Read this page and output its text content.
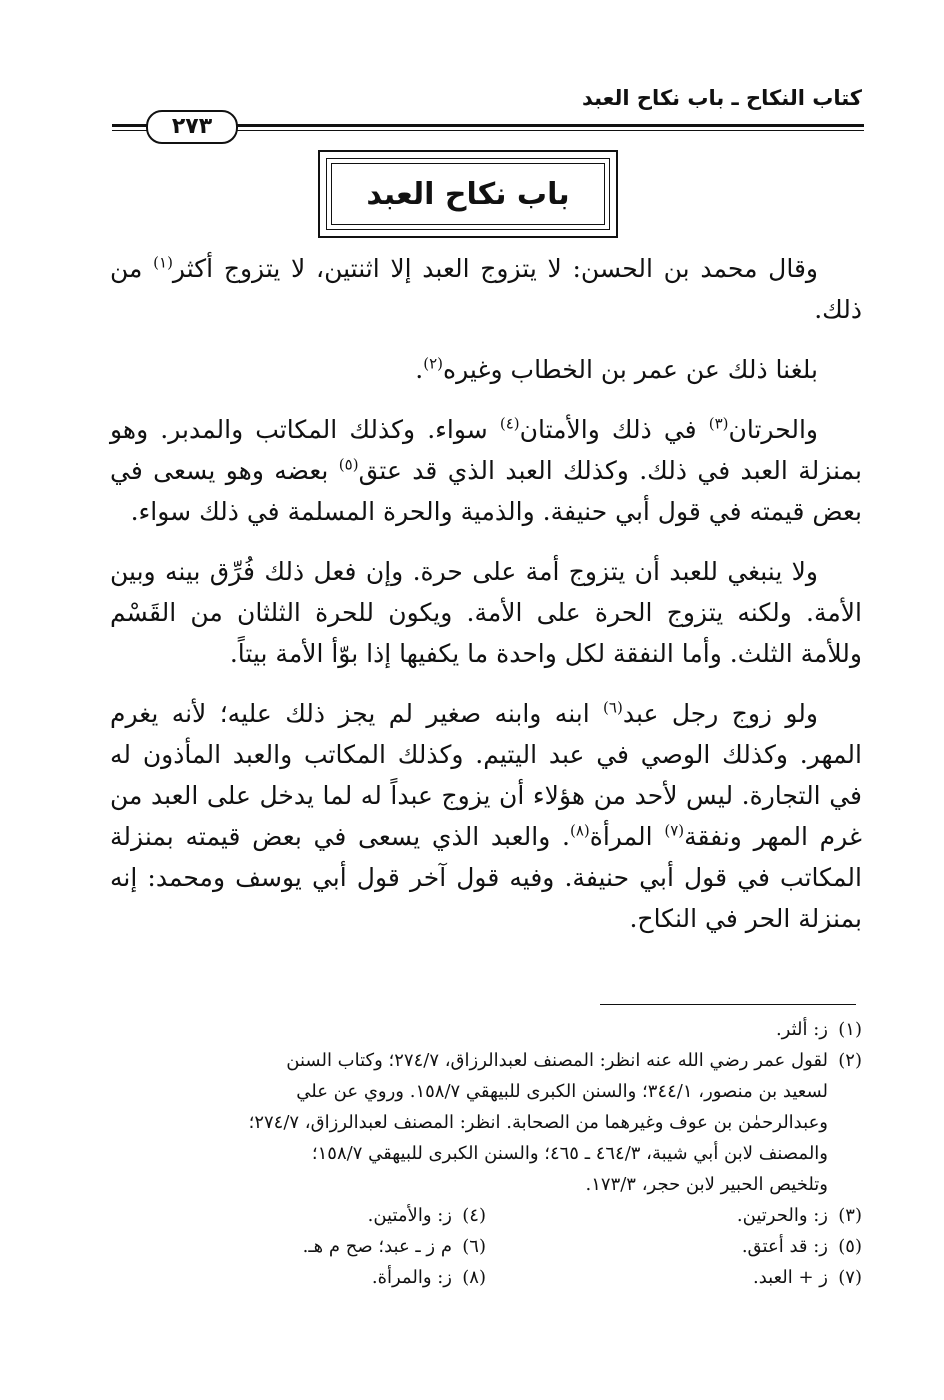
كتاب النكاح ـ باب نكاح العبد
٢٧٣
باب نكاح العبد

وقال محمد بن الحسن: لا يتزوج العبد إلا اثنتين، لا يتزوج أكثر$^{(١)}$ من ذلك.

بلغنا ذلك عن عمر بن الخطاب وغيره$^{(٢)}$.

والحرتان$^{(٣)}$ في ذلك والأمتان$^{(٤)}$ سواء. وكذلك المكاتب والمدبر. وهو بمنزلة العبد في ذلك. وكذلك العبد الذي قد عتق$^{(٥)}$ بعضه وهو يسعى في بعض قيمته في قول أبي حنيفة. والذمية والحرة المسلمة في ذلك سواء.

ولا ينبغي للعبد أن يتزوج أمة على حرة. وإن فعل ذلك فُرِّق بينه وبين الأمة. ولكنه يتزوج الحرة على الأمة. ويكون للحرة الثلثان من القَسْم وللأمة الثلث. وأما النفقة لكل واحدة ما يكفيها إذا بوّأ الأمة بيتاً.

ولو زوج رجل عبد$^{(٦)}$ ابنه وابنه صغير لم يجز ذلك عليه؛ لأنه يغرم المهر. وكذلك الوصي في عبد اليتيم. وكذلك المكاتب والعبد المأذون له في التجارة. ليس لأحد من هؤلاء أن يزوج عبداً له لما يدخل على العبد من غرم المهر ونفقة$^{(٧)}$ المرأة$^{(٨)}$. والعبد الذي يسعى في بعض قيمته بمنزلة المكاتب في قول أبي حنيفة. وفيه قول آخر قول أبي يوسف ومحمد: إنه بمنزلة الحر في النكاح.

(١)
ز: ألثر.
(٢)
لقول عمر رضي الله عنه انظر: المصنف لعبدالرزاق، ٢٧٤/٧؛ وكتاب السنن
لسعيد بن منصور، ٣٤٤/١؛ والسنن الكبرى للبيهقي ١٥٨/٧. وروي عن علي
وعبدالرحمٰن بن عوف وغيرهما من الصحابة. انظر: المصنف لعبدالرزاق، ٢٧٤/٧؛
والمصنف لابن أبي شيبة، ٤٦٤/٣ ـ ٤٦٥؛ والسنن الكبرى للبيهقي ١٥٨/٧؛
وتلخيص الحبير لابن حجر، ١٧٣/٣.
(٣)
ز: والحرتين.
(٤)
ز: والأمتين.
(٥)
ز: قد أعتق.
(٦)
م ز ـ عبد؛ صح م هـ.
(٧)
ز + العبد.
(٨)
ز: والمرأة.
